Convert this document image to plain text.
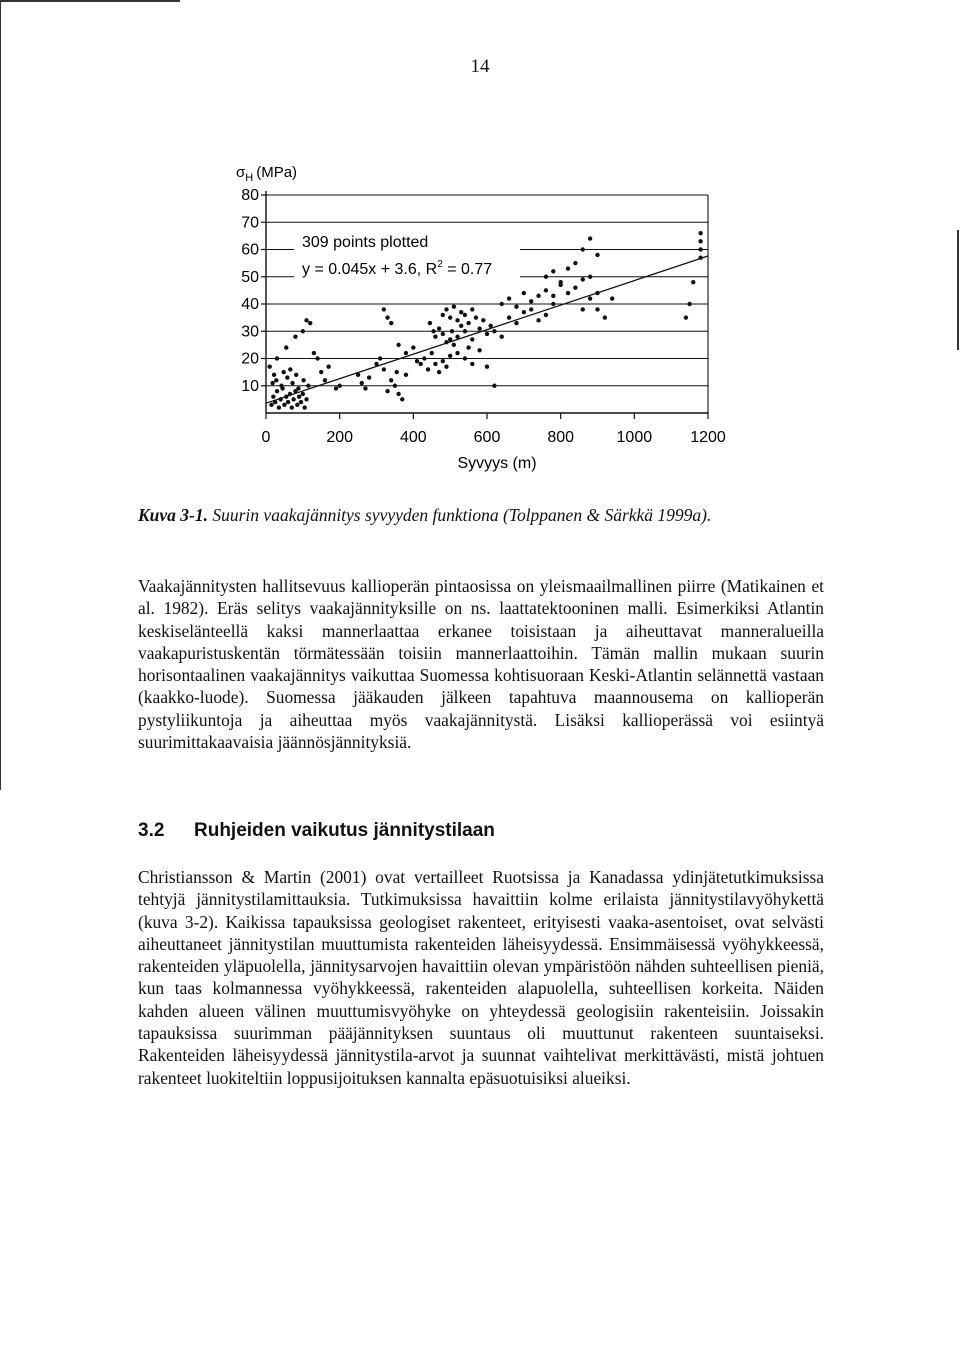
14
$\sigma_H$ (MPa)
10
20
30
40
50
60
70
80
0	200	400	600	800	1000 1200
309 points plotted
y = 0.045x + 3.6, $R^2 = 0.77$
Syvyys (m)
Kuva 3-1. Suurin vaakajännitys syvyyden funktiona (Tolppanen & Särkkä 1999a).

Vaakajännitysten hallitsevuus kallioperän pintaosissa on yleismaailmallinen piirre (Matikainen et al. 1982). Eräs selitys vaakajännityksille on ns. laattatektooninen malli. Esimerkiksi Atlantin keskiselänteellä kaksi mannerlaattaa erkanee toisistaan ja aiheuttavat manneralueilla vaakapuristuskentän törmätessään toisiin mannerlaattoihin. Tämän mallin mukaan suurin horisontaalinen vaakajännitys vaikuttaa Suomessa kohtisuoraan Keski-Atlantin selännettä vastaan (kaakko-luode). Suomessa jääkauden jälkeen tapahtuva maannousema on kallioperän pystyliikuntoja ja aiheuttaa myös vaakajännitystä. Lisäksi kallioperässä voi esiintyä suurimittakaavaisia jäännösjännityksiä.

3.2 Ruhjeiden vaikutus jännitystilaan

Christiansson & Martin (2001) ovat vertailleet Ruotsissa ja Kanadassa ydinjätetutkimuksissa tehtyjä jännitystilamittauksia. Tutkimuksissa havaittiin kolme erilaista jännitystilavyöhykettä (kuva 3-2). Kaikissa tapauksissa geologiset rakenteet, erityisesti vaaka-asentoiset, ovat selvästi aiheuttaneet jännitystilan muuttumista rakenteiden läheisyydessä. Ensimmäisessä vyöhykkeessä, rakenteiden yläpuolella, jännitysarvojen havaittiin olevan ympäristöön nähden suhteellisen pieniä, kun taas kolmannessa vyöhykkeessä, rakenteiden alapuolella, suhteellisen korkeita. Näiden kahden alueen välinen muuttumisvyöhyke on yhteydessä geologisiin rakenteisiin. Joissakin tapauksissa suurimman pääjännityksen suuntaus oli muuttunut rakenteen suuntaiseksi. Rakenteiden läheisyydessä jännitystila-arvot ja suunnat vaihtelivat merkittävästi, mistä johtuen rakenteet luokiteltiin loppusijoituksen kannalta epäsuotuisiksi alueiksi.
